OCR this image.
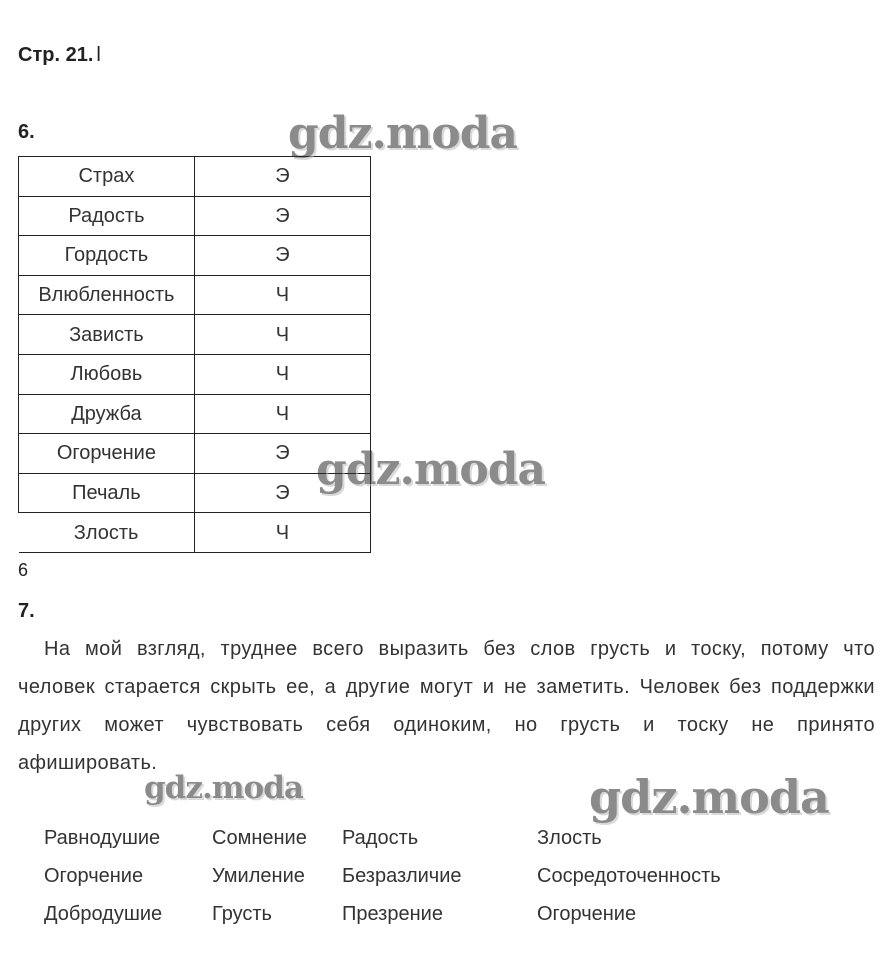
Стр. 21. l
6.
Страх	Э
Радость	Э
Гордость	Э
Влюбленность	Ч
Зависть	Ч
Любовь	Ч
Дружба	Ч
Огорчение	Э
Печаль	Э
Злость	Ч
6
7.
На мой взгляд, труднее всего выразить без слов грусть и тоску, потому что человек старается скрыть ее, а другие могут и не заметить. Человек без поддержки других может чувствовать себя одиноким, но грусть и тоску не принято афишировать.
Равнодушие	Сомнение Радость	Злость
Огорчение	Умиление Безразличие	Сосредоточенность
Добродушие Грусть	Презрение	Огорчение
gdz.moda
gdz.moda
gdz.moda	gdz.moda
